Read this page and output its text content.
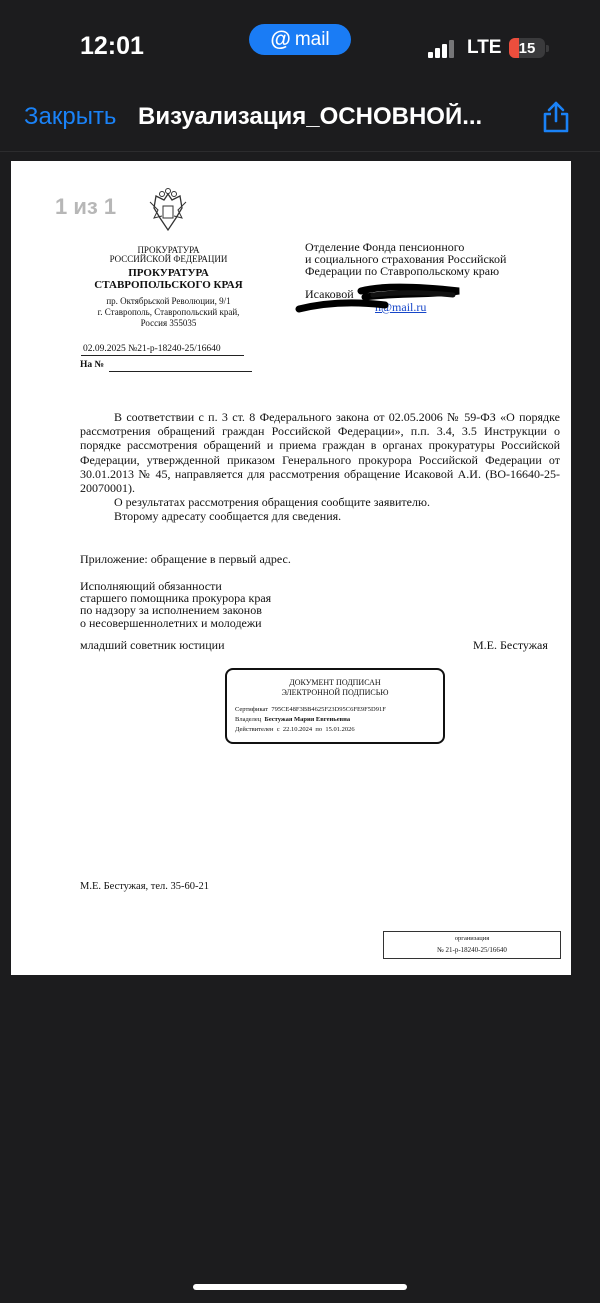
12:01	@ mail	LTE	15
Закрыть Визуализация_ОСНОВНОЙ...
1 из 1
ПРОКУРАТУРА
РОССИЙСКОЙ ФЕДЕРАЦИИ
ПРОКУРАТУРА
СТАВРОПОЛЬСКОГО КРАЯ
пр. Октябрьской Революции, 9/1
г. Ставрополь, Ставропольский край,
Россия 355035
02.09.2025 №21-р-18240-25/16640
На №
Отделение Фонда пенсионного
и социального страхования Российской
Федерации по Ставропольскому краю
Исаковой
h@mail.ru

В соответствии с п. 3 ст. 8 Федерального закона от 02.05.2006 № 59-ФЗ «О порядке рассмотрения обращений граждан Российской Федерации», п.п. 3.4, 3.5 Инструкции о порядке рассмотрения обращений и приема граждан в органах прокуратуры Российской Федерации, утвержденной приказом Генерального прокурора Российской Федерации от 30.01.2013 № 45, направляется для рассмотрения обращение Исаковой А.И. (ВО-16640-25-20070001).

О результатах рассмотрения обращения сообщите заявителю.

Второму адресату сообщается для сведения.

Приложение: обращение в первый адрес.
Исполняющий обязанности
старшего помощника прокурора края
по надзору за исполнением законов
о несовершеннолетних и молодежи
младший советник юстиции	М.Е. Бестужая
ДОКУМЕНТ ПОДПИСАН
ЭЛЕКТРОННОЙ ПОДПИСЬЮ
Сертификат 795CE48F3BB4625F23D95C6FE9F5D91F
Владелец Бестужая Мария Евгеньевна
Действителен с 22.10.2024 по 15.01.2026
М.Е. Бестужая, тел. 35-60-21
организация
№ 21-р-18240-25/16640
